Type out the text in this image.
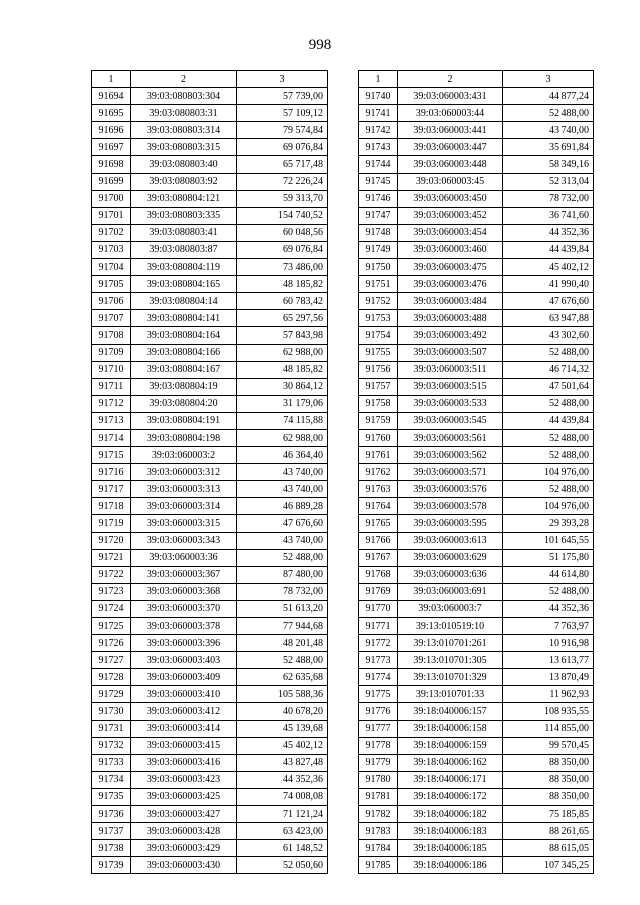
998
1	2	3
91694	39:03:080803:304	57 739,00
91695	39:03:080803:31	57 109,12
91696	39:03:080803:314	79 574,84
91697	39:03:080803:315	69 076,84
91698	39:03:080803:40	65 717,48
91699	39:03:080803:92	72 226,24
91700	39:03:080804:121	59 313,70
91701	39:03:080803:335	154 740,52
91702	39:03:080803:41	60 048,56
91703	39:03:080803:87	69 076,84
91704	39:03:080804:119	73 486,00
91705	39:03:080804:165	48 185,82
91706	39:03:080804:14	60 783,42
91707	39:03:080804:141	65 297,56
91708	39:03:080804:164	57 843,98
91709	39:03:080804:166	62 988,00
91710	39:03:080804:167	48 185,82
91711	39:03:080804:19	30 864,12
91712	39:03:080804:20	31 179,06
91713	39:03:080804:191	74 115,88
91714	39:03:080804:198	62 988,00
91715	39:03:060003:2	46 364,40
91716	39:03:060003:312	43 740,00
91717	39:03:060003:313	43 740,00
91718	39:03:060003:314	46 889,28
91719	39:03:060003:315	47 676,60
91720	39:03:060003:343	43 740,00
91721	39:03:060003:36	52 488,00
91722	39:03:060003:367	87 480,00
91723	39:03:060003:368	78 732,00
91724	39:03:060003:370	51 613,20
91725	39:03:060003:378	77 944,68
91726	39:03:060003:396	48 201,48
91727	39:03:060003:403	52 488,00
91728	39:03:060003:409	62 635,68
91729	39:03:060003:410	105 588,36
91730	39:03:060003:412	40 678,20
91731	39:03:060003:414	45 139,68
91732	39:03:060003:415	45 402,12
91733	39:03:060003:416	43 827,48
91734	39:03:060003:423	44 352,36
91735	39:03:060003:425	74 008,08
91736	39:03:060003:427	71 121,24
91737	39:03:060003:428	63 423,00
91738	39:03:060003:429	61 148,52
91739	39:03:060003:430	52 050,60
1	2	3
91740	39:03:060003:431	44 877,24
91741	39:03:060003:44	52 488,00
91742	39:03:060003:441	43 740,00
91743	39:03:060003:447	35 691,84
91744	39:03:060003:448	58 349,16
91745	39:03:060003:45	52 313,04
91746	39:03:060003:450	78 732,00
91747	39:03:060003:452	36 741,60
91748	39:03:060003:454	44 352,36
91749	39:03:060003:460	44 439,84
91750	39:03:060003:475	45 402,12
91751	39:03:060003:476	41 990,40
91752	39:03:060003:484	47 676,60
91753	39:03:060003:488	63 947,88
91754	39:03:060003:492	43 302,60
91755	39:03:060003:507	52 488,00
91756	39:03:060003:511	46 714,32
91757	39:03:060003:515	47 501,64
91758	39:03:060003:533	52 488,00
91759	39:03:060003:545	44 439,84
91760	39:03:060003:561	52 488,00
91761	39:03:060003:562	52 488,00
91762	39:03:060003:571	104 976,00
91763	39:03:060003:576	52 488,00
91764	39:03:060003:578	104 976,00
91765	39:03:060003:595	29 393,28
91766	39:03:060003:613	101 645,55
91767	39:03:060003:629	51 175,80
91768	39:03:060003:636	44 614,80
91769	39:03:060003:691	52 488,00
91770	39:03:060003:7	44 352,36
91771	39:13:010519:10	7 763,97
91772	39:13:010701:261	10 916,98
91773	39:13:010701:305	13 613,77
91774	39:13:010701:329	13 870,49
91775	39:13:010701:33	11 962,93
91776	39:18:040006:157	108 935,55
91777	39:18:040006:158	114 855,00
91778	39:18:040006:159	99 570,45
91779	39:18:040006:162	88 350,00
91780	39:18:040006:171	88 350,00
91781	39:18:040006:172	88 350,00
91782	39:18:040006:182	75 185,85
91783	39:18:040006:183	88 261,65
91784	39:18:040006:185	88 615,05
91785	39:18:040006:186	107 345,25
